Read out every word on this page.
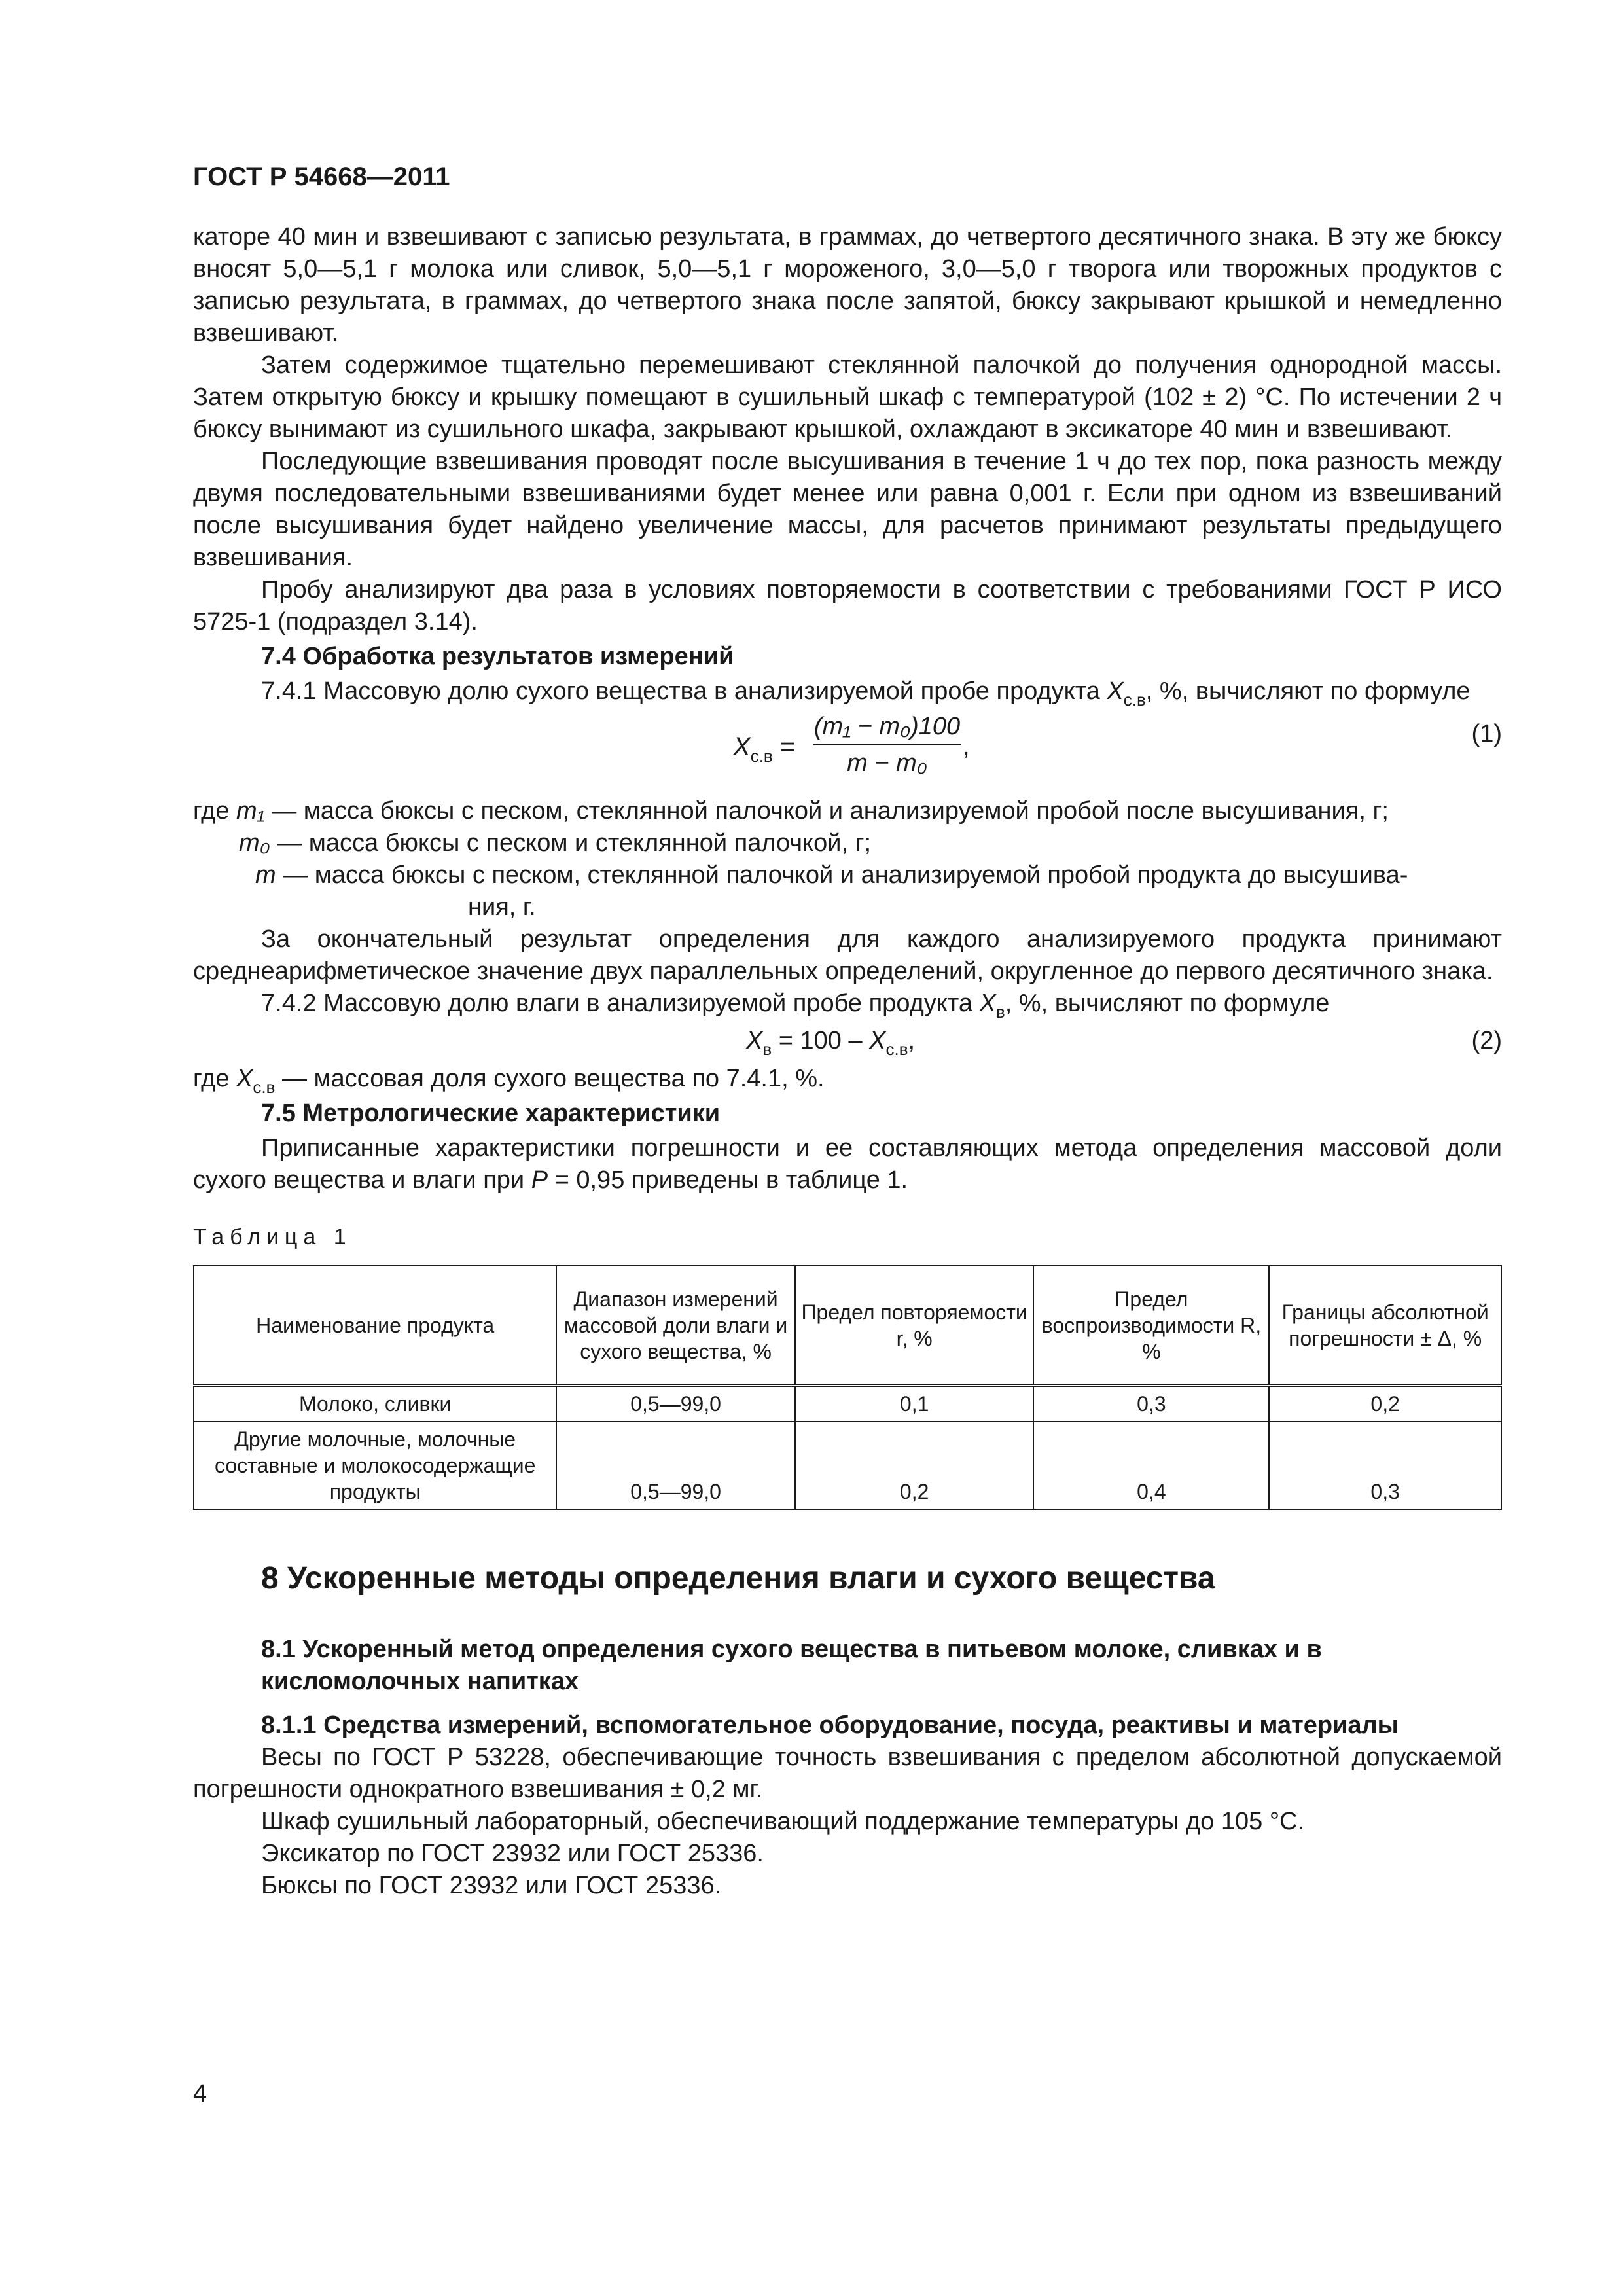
ГОСТ Р 54668—2011

каторе 40 мин и взвешивают с записью результата, в граммах, до четвертого десятичного знака. В эту же бюксу вносят 5,0—5,1 г молока или сливок, 5,0—5,1 г мороженого, 3,0—5,0 г творога или творожных продуктов с записью результата, в граммах, до четвертого знака после запятой, бюксу закрывают крышкой и немедленно взвешивают.

Затем содержимое тщательно перемешивают стеклянной палочкой до получения однородной массы. Затем открытую бюксу и крышку помещают в сушильный шкаф с температурой (102 ± 2) °С. По истечении 2 ч бюксу вынимают из сушильного шкафа, закрывают крышкой, охлаждают в эксикаторе 40 мин и взвешивают.

Последующие взвешивания проводят после высушивания в течение 1 ч до тех пор, пока разность между двумя последовательными взвешиваниями будет менее или равна 0,001 г. Если при одном из взвешиваний после высушивания будет найдено увеличение массы, для расчетов принимают результаты предыдущего взвешивания.

Пробу анализируют два раза в условиях повторяемости в соответствии с требованиями ГОСТ Р ИСО 5725-1 (подраздел 3.14).

7.4 Обработка результатов измерений

7.4.1 Массовую долю сухого вещества в анализируемой пробе продукта $X_{с.в}$, %, вычисляют по формуле

$X_{с.в} = \frac{\text{(m₁ − m₀)100}}{\text{m − m₀}}$ ,	(1)

где m₁ — масса бюксы с песком, стеклянной палочкой и анализируемой пробой после высушивания, г;

m₀ — масса бюксы с песком и стеклянной палочкой, г;

m — масса бюксы с песком, стеклянной палочкой и анализируемой пробой продукта до высушива-

ния, г.

За окончательный результат определения для каждого анализируемого продукта принимают среднеарифметическое значение двух параллельных определений, округленное до первого десятичного знака.

7.4.2 Массовую долю влаги в анализируемой пробе продукта $X_в$, %, вычисляют по формуле

$X_в = 100 - X_{с.в}$,	(2)

где $X_{с.в}$ — массовая доля сухого вещества по 7.4.1, %.

7.5 Метрологические характеристики

Приписанные характеристики погрешности и ее составляющих метода определения массовой доли сухого вещества и влаги при P = 0,95 приведены в таблице 1.

Таблица 1
Наименование продукта	Диапазон измерений массовой доли влаги и сухого вещества, %	Предел повторяемости r, %	Предел воспроизводимости R, %	Границы абсолютной погрешности ± Δ, %
Молоко, сливки	0,5—99,0	0,1	0,3	0,2
Другие молочные, молочные составные и молокосодержащие продукты	0,5—99,0	0,2	0,4	0,3

8 Ускоренные методы определения влаги и сухого вещества

8.1 Ускоренный метод определения сухого вещества в питьевом молоке, сливках и в кисломолочных напитках

8.1.1 Средства измерений, вспомогательное оборудование, посуда, реактивы и материалы

Весы по ГОСТ Р 53228, обеспечивающие точность взвешивания с пределом абсолютной допускаемой погрешности однократного взвешивания ± 0,2 мг.

Шкаф сушильный лабораторный, обеспечивающий поддержание температуры до 105 °С.

Эксикатор по ГОСТ 23932 или ГОСТ 25336.

Бюксы по ГОСТ 23932 или ГОСТ 25336.

4
